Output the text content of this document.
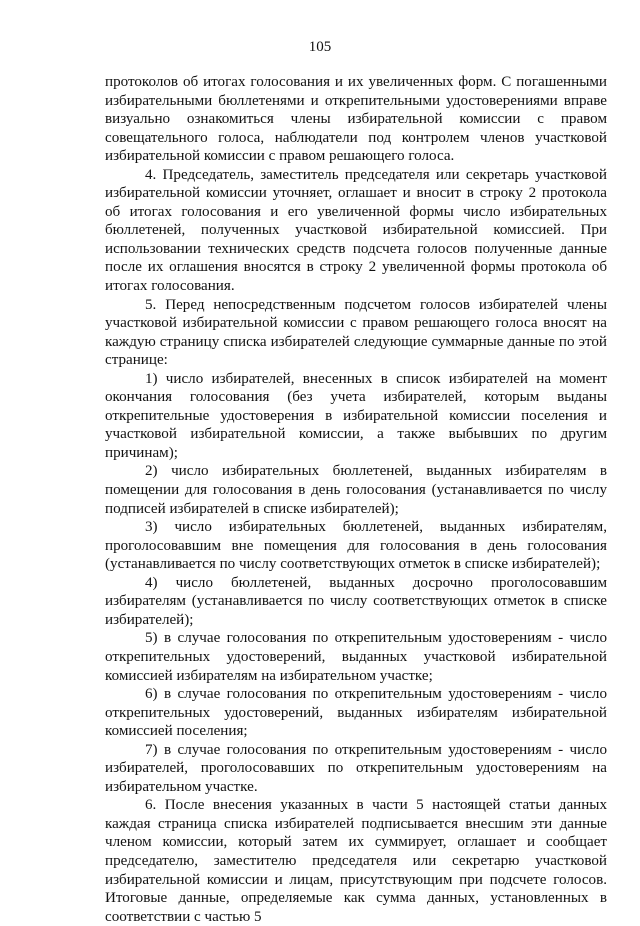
105

протоколов об итогах голосования и их увеличенных форм. С погашенными избирательными бюллетенями и открепительными удостоверениями вправе визуально ознакомиться члены избирательной комиссии с правом совещательного голоса, наблюдатели под контролем членов участковой избирательной комиссии с правом решающего голоса.

4. Председатель, заместитель председателя или секретарь участковой избирательной комиссии уточняет, оглашает и вносит в строку 2 протокола об итогах голосования и его увеличенной формы число избирательных бюллетеней, полученных участковой избирательной комиссией. При использовании технических средств подсчета голосов полученные данные после их оглашения вносятся в строку 2 увеличенной формы протокола об итогах голосования.

5. Перед непосредственным подсчетом голосов избирателей члены участковой избирательной комиссии с правом решающего голоса вносят на каждую страницу списка избирателей следующие суммарные данные по этой странице:

1) число избирателей, внесенных в список избирателей на момент окончания голосования (без учета избирателей, которым выданы открепительные удостоверения в избирательной комиссии поселения и участковой избирательной комиссии, а также выбывших по другим причинам);

2) число избирательных бюллетеней, выданных избирателям в помещении для голосования в день голосования (устанавливается по числу подписей избирателей в списке избирателей);

3) число избирательных бюллетеней, выданных избирателям, проголосовавшим вне помещения для голосования в день голосования (устанавливается по числу соответствующих отметок в списке избирателей);

4) число бюллетеней, выданных досрочно проголосовавшим избирателям (устанавливается по числу соответствующих отметок в списке избирателей);

5) в случае голосования по открепительным удостоверениям - число открепительных удостоверений, выданных участковой избирательной комиссией избирателям на избирательном участке;

6) в случае голосования по открепительным удостоверениям - число открепительных удостоверений, выданных избирателям избирательной комиссией поселения;

7) в случае голосования по открепительным удостоверениям - число избирателей, проголосовавших по открепительным удостоверениям на избирательном участке.

6. После внесения указанных в части 5 настоящей статьи данных каждая страница списка избирателей подписывается внесшим эти данные членом комиссии, который затем их суммирует, оглашает и сообщает председателю, заместителю председателя или секретарю участковой избирательной комиссии и лицам, присутствующим при подсчете голосов. Итоговые данные, определяемые как сумма данных, установленных в соответствии с частью 5
